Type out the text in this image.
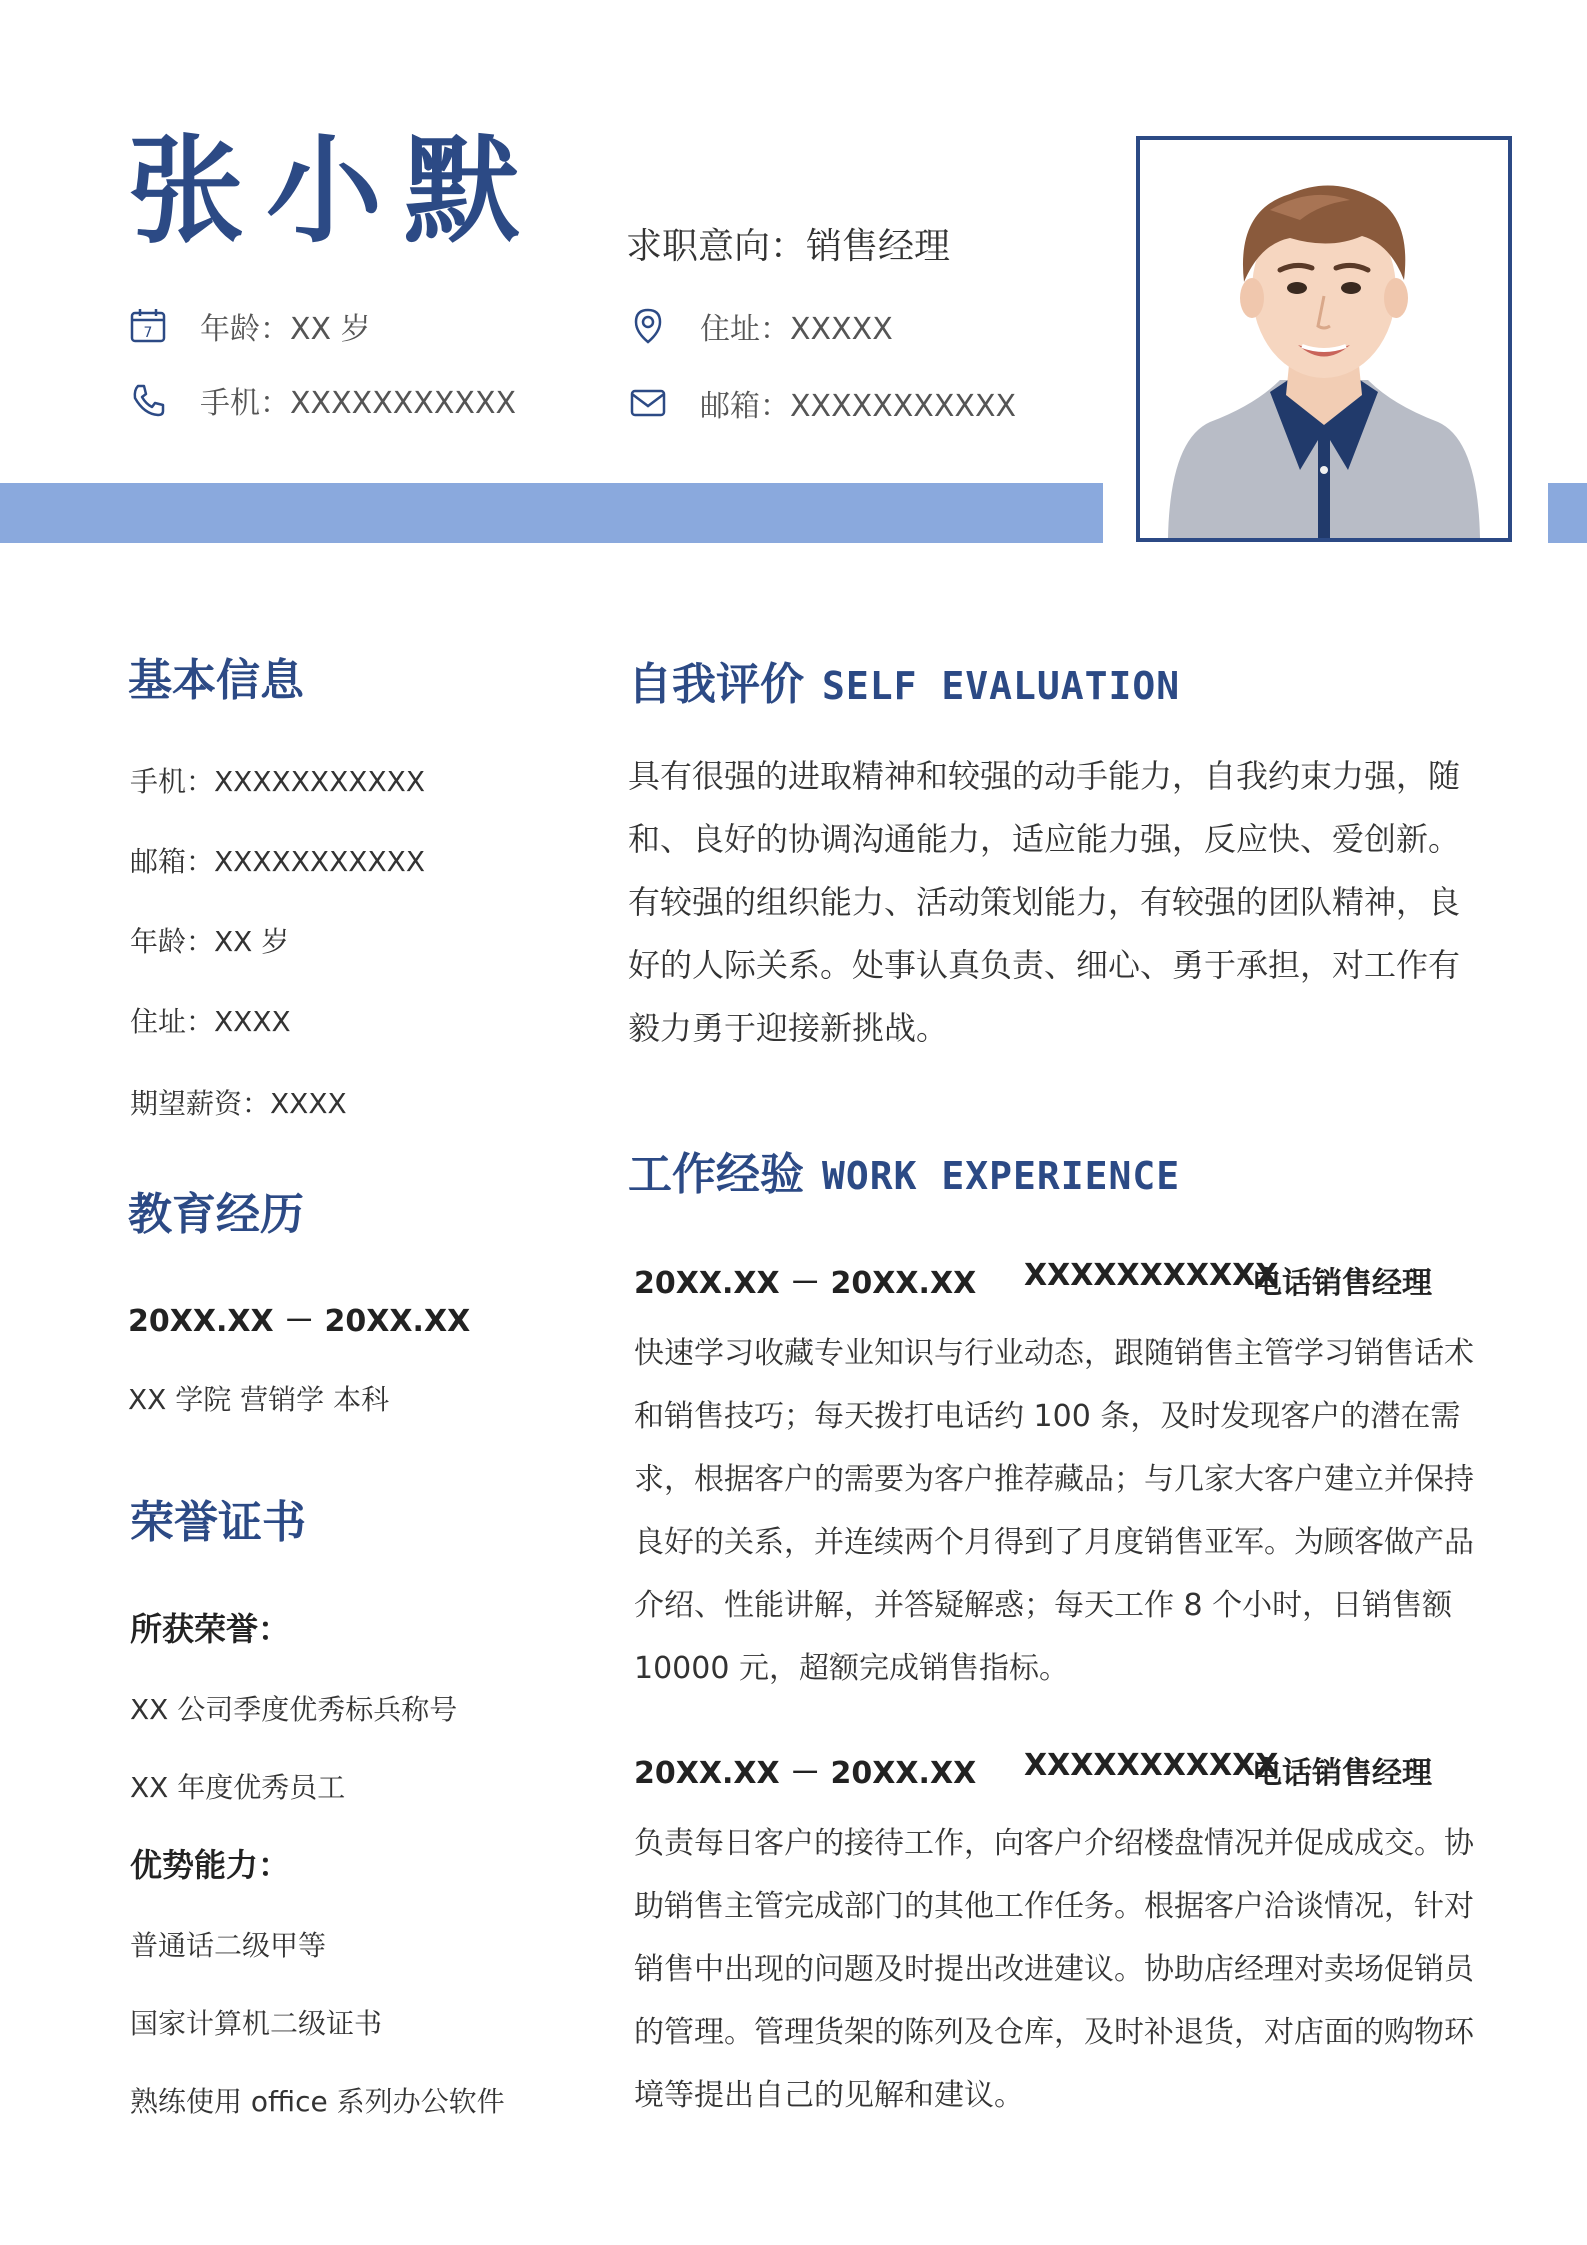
张小默 求职意向：销售经理
7 年龄：XX 岁
手机：XXXXXXXXXXX
住址：XXXXX
邮箱：XXXXXXXXXXX
基本信息
手机：XXXXXXXXXXX
邮箱：XXXXXXXXXXX
年龄：XX 岁
住址：XXXX
期望薪资：XXXX
教育经历
20XX.XX － 20XX.XX
XX 学院 营销学 本科
荣誉证书
所获荣誉：
XX 公司季度优秀标兵称号
XX 年度优秀员工
优势能力：
普通话二级甲等
国家计算机二级证书
熟练使用 office 系列办公软件
自我评价 SELF EVALUATION
具有很强的进取精神和较强的动手能力，自我约束力强，随和、良好的协调沟通能力，适应能力强，反应快、爱创新。有较强的组织能力、活动策划能力，有较强的团队精神，良好的人际关系。处事认真负责、细心、勇于承担，对工作有毅力勇于迎接新挑战。
工作经验 WORK EXPERIENCE
20XX.XX － 20XX.XX	XXXXXXXXXXX
电话销售经理
快速学习收藏专业知识与行业动态，跟随销售主管学习销售话术和销售技巧；每天拨打电话约 100 条，及时发现客户的潜在需求，根据客户的需要为客户推荐藏品；与几家大客户建立并保持良好的关系，并连续两个月得到了月度销售亚军。为顾客做产品介绍、性能讲解，并答疑解惑；每天工作 8 个小时，日销售额 10000 元，超额完成销售指标。
20XX.XX － 20XX.XX	XXXXXXXXXXX
电话销售经理
负责每日客户的接待工作，向客户介绍楼盘情况并促成成交。协助销售主管完成部门的其他工作任务。根据客户洽谈情况，针对销售中出现的问题及时提出改进建议。协助店经理对卖场促销员的管理。管理货架的陈列及仓库，及时补退货，对店面的购物环境等提出自己的见解和建议。
